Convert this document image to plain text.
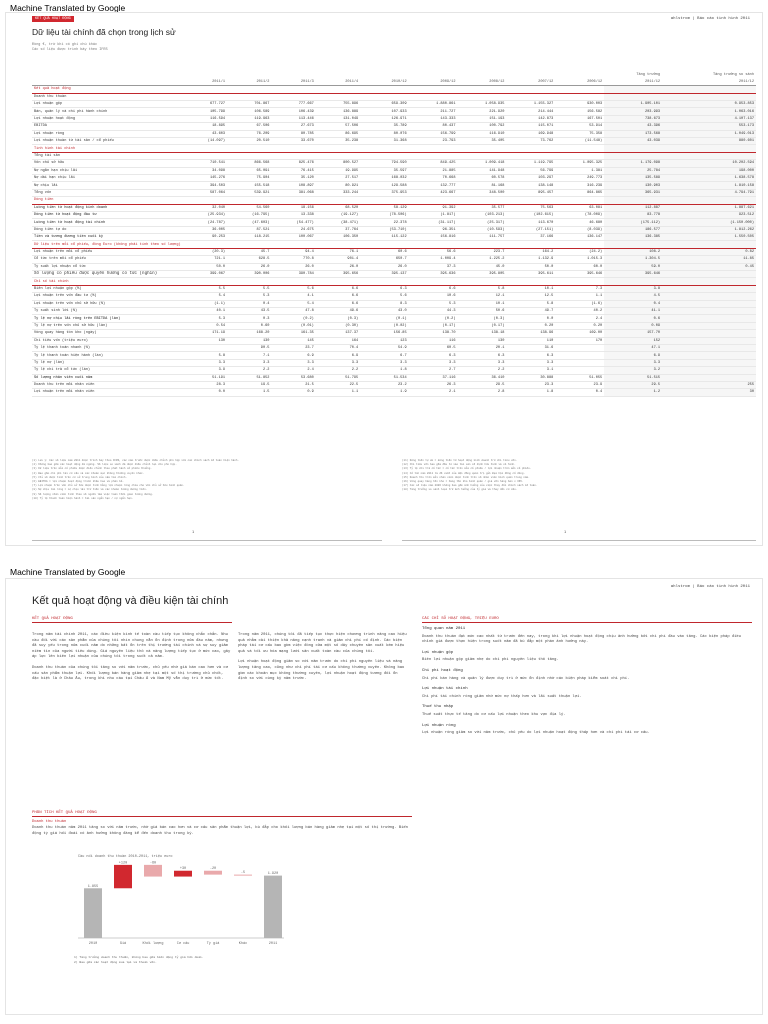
Machine Translated by Google
KẾT QUẢ HOẠT ĐỘNG	ahlstrom | Báo cáo tình hình 2011
Dữ liệu tài chính đã chọn trong lịch sử
Đồng €, trừ khi có ghi chú khác
Các số liệu được trình bày theo IFRS
											Tăng trưởng	Tăng trưởng so sánh
	2011/1	2011/2	2011/3	2011/4		2010/12	2009/12	2008/12	2007/12	2006/12	2011/12	2011/12
Kết quả hoạt động												
Doanh thu thuần												
Lợi nhuận gộp	677.727	701.867	777.667	755.896		659.309	1.880.861	1.058.935	1.155.327	930.003	1.905.101	0.953.853
Bán, quản lý và chi phí hành chính	105.799	106.589	106.439	136.889		107.933	211.727	221.920	214.444	156.582	203.993	1.063.016
Lợi nhuận hoạt động	116.594	119.963	113.446	131.049		126.971	143.333	151.193	142.873	167.501	738.673	4.107.137
EBITDA	18.895	67.506	27.673	57.506		35.789	80.437	100.792	115.071	53.914	43.396	553.173
Lợi nhuận ròng	43.603	76.209	80.785	86.695		80.076	156.799	116.910	169.948	75.358	173.568	1.049.013
Lợi nhuận thuần từ tài sản / cổ phiếu	(14.097)	20.510	33.670	35.238		31.368	23.793	35.405	73.762	(11.548)	43.039	880.601
Tình hình tài chính												
Tổng tài sản												
Vốn chủ sở hữu	710.541	866.568	825.476	800.527		794.590	849.425	1.009.418	1.119.795	1.095.325	1.179.098	10.202.594
Nợ ngắn hạn chịu lãi	34.098	65.091	76.415	19.995		35.597	21.885	141.948	56.799	1.381	25.784	198.000
Nợ dài hạn chịu lãi	145.276	75.904	35.120	27.517		168.032	70.668	60.578	103.297	249.773	135.589	1.638.578
Nợ chịu lãi	394.503	155.518	108.897	80.921		129.588	132.777	81.168	138.148	316.239	130.903	1.810.158
Tổng vốn	587.064	539.921	381.068	333.244		375.953	423.667	348.500	895.457	864.865	365.931	4.794.791
Dòng tiền												
Luồng tiền từ hoạt động kinh doanh	32.040	54.560	18.156	68.520		58.129	91.392	35.577	75.563	63.081	112.887	1.887.621
Dòng tiền từ hoạt động đầu tư	(25.934)	(16.795)	13.338	(19.127)		(78.506)	(1.817)	(103.213)	(102.615)	(78.009)	83.778	923.512
Luồng tiền từ hoạt động tài chính	(24.787)	(47.603)	(54.477)	(38.471)		22.378	(31.117)	(25.317)	113.670	46.680	(175.112)	(1.150.000)
Dòng tiền tự do	36.005	87.521	24.675	37.764		(53.710)	96.351	(10.593)	(27.151)	(8.039)	186.577	1.812.262
Tiền và tương đương tiền cuối kỳ	90.253	118.215	100.067	106.350		115.122	156.816	111.757	37.166	136.147	136.385	1.550.505
Dữ liệu trên mỗi cổ phiếu, đồng Euro (không phải tính theo số lượng)												
Lợi nhuận trên mỗi cổ phiếu	(20.3)	45.7	94.4	76.1		60.6	56.6	223.7	164.2	(24.2)	108.2	0.82
Cổ tức trên mỗi cổ phiếu	721.1	628.5	770.8	901.4		650.7	1.009.4	1.225.2	1.132.9	1.015.3	1.304.5	11.85
Tỷ suất lợi nhuận cổ tức	50.0	26.0	26.0	26.0		26.0	37.3	45.0	50.0	60.0	59.0	0.45
Số lượng cổ phiếu được quyền hưởng cổ tức (nghìn)	399.067	390.006	390.784	395.656		395.137	395.636	395.805	395.611	395.646	395.646	
Chỉ số tài chính												
Biên lợi nhuận gộp (%)	5.5	5.5	5.6	6.6		6.3	6.6	5.8	10.1	7.3	3.8	
Lợi nhuận trên vốn đầu tư (%)	5.4	5.3	4.1	6.6		5.6	10.6	12.1	12.5	1.1	4.5	
Lợi nhuận trên vốn chủ sở hữu (%)	(1.1)	0.4	5.4	6.6		8.3	5.3	10.1	5.8	(1.6)	0.4	
Tỷ suất sinh lời (%)	40.1	43.5	47.8	49.6		43.0	44.3	50.6	49.7	40.2	41.1	
Tỷ lệ nợ chịu lãi ròng trên EBITDA (lần)	5.3	0.3	(0.2)	(0.3)		(0.1)	(0.2)	(0.3)	0.0	2.4	0.6	
Tỷ lệ nợ trên vốn chủ sở hữu (lần)	0.54	0.60	(0.01)	(0.30)		(0.02)	(0.17)	(0.17)	0.20	0.20	0.09	
Vòng quay hàng tồn kho (ngày)	171.19	168.20	161.35	137.37		156.85	138.70	138.18	138.96	169.00	157.70	
Chi tiêu vốn (triệu euro)	130	130	145	164		123	116	130	110	170	152	
Tỷ lệ thanh toán nhanh (%)		90.5	23.7	70.4		54.9	60.5	20.1	31.6		47.1	
Tỷ lệ thanh toán hiện hành (lần)	5.8	7.1	6.9	6.9		6.7	6.3	6.3	6.3		6.9	
Tỷ lệ nợ (lần)	3.3	3.3	3.3	3.3		3.3	3.3	3.3	3.3		3.3	
Tỷ lệ chi trả cổ tức (lần)	3.9	2.2	2.4	2.2		1.8	2.7	2.2	3.1		3.2	
Số lượng nhân viên cuối năm	51.191	51.852	53.680	51.795		51.534	37.116	36.410	30.888	51.055	51.515	
Doanh thu trên mỗi nhân viên	28.3	19.5	21.5	22.5		23.2	26.3	29.5	23.3	23.9	29.5	255
Lợi nhuận trên mỗi nhân viên	0.0	1.5	0.9	1.1		1.9	2.1	2.8	1.8	0.4	1.2	30
(1) Lưu ý: Các số liệu năm 2011 được trình bày theo IFRS, các năm trước được điều chỉnh phù hợp với các chính sách kế toán hiện hành.
(2) Không bao gồm các hoạt động đã ngừng. Số liệu so sánh đã được điều chỉnh lại cho phù hợp.
(3) Dữ liệu trên mỗi cổ phiếu được điều chỉnh theo phát hành cổ phiếu thưởng.
(4) Bao gồm chi phí tái cơ cấu và các khoản mục không thường xuyên khác.
(5) Chỉ số được tính trên cơ sở trung bình của năm tài chính.
(6) EBITDA = lợi nhuận hoạt động trước khấu hao và phân bổ.
(7) Lợi nhuận trên vốn chủ sở hữu được tính bằng lợi nhuận ròng chia cho vốn chủ sở hữu bình quân.
(8) Nợ chịu lãi ròng = nợ chịu lãi trừ tiền và các khoản tương đương tiền.
(9) Số lượng nhân viên tính theo số người làm việc toàn thời gian tương đương.
(10) Tỷ lệ thanh toán hiện hành = tài sản ngắn hạn / nợ ngắn hạn.
(11) Dòng tiền tự do = dòng tiền từ hoạt động kinh doanh trừ chi tiêu vốn.
(12) Chi tiêu vốn bao gồm đầu tư vào tài sản cố định hữu hình và vô hình.
(13) Tỷ lệ chi trả cổ tức = cổ tức trên mỗi cổ phiếu / lợi nhuận trên mỗi cổ phiếu.
(14) Cổ tức năm 2011 là đề xuất của Hội đồng quản trị gửi Đại hội đồng cổ đông.
(15) Doanh thu trên mỗi nhân viên được tính trên số nhân viên bình quân trong năm.
(16) Vòng quay hàng tồn kho = hàng tồn kho bình quân / giá vốn hàng bán x 365.
(17) Các số liệu năm 2006 không bao gồm ảnh hưởng của việc thay đổi chính sách kế toán.
(18) Tăng trưởng so sánh loại trừ ảnh hưởng của tỷ giá và thay đổi cơ cấu.
1	1
Machine Translated by Google
ahlstrom | Báo cáo tình hình 2011
Kết quả hoạt động và điều kiện tài chính
KẾT QUẢ HOẠT ĐỘNG

Trong năm tài chính 2011, các điều kiện kinh tế toàn cầu tiếp tục không chắc chắn. Nhu cầu đối với các sản phẩm của chúng tôi nhìn chung vẫn ổn định trong nửa đầu năm, nhưng đã suy yếu trong nửa cuối năm do những bất ổn trên thị trường tài chính và sự suy giảm niềm tin của người tiêu dùng. Giá nguyên liệu thô và năng lượng tiếp tục ở mức cao, gây áp lực lên biên lợi nhuận của chúng tôi trong suốt cả năm.

Doanh thu thuần của chúng tôi tăng so với năm trước, chủ yếu nhờ giá bán cao hơn và cơ cấu sản phẩm thuận lợi. Khối lượng bán hàng giảm nhẹ tại một số thị trường chủ chốt, đặc biệt là ở Châu Âu, trong khi nhu cầu tại Châu Á và Nam Mỹ vẫn duy trì ở mức tốt.

Trong năm 2011, chúng tôi đã tiếp tục thực hiện chương trình nâng cao hiệu quả nhằm cải thiện khả năng cạnh tranh và giảm chi phí cố định. Các biện pháp tái cơ cấu bao gồm việc đóng cửa một số dây chuyền sản xuất kém hiệu quả và tối ưu hóa mạng lưới sản xuất toàn cầu của chúng tôi.

Lợi nhuận hoạt động giảm so với năm trước do chi phí nguyên liệu và năng lượng tăng cao, cũng như chi phí tái cơ cấu không thường xuyên. Không bao gồm các khoản mục không thường xuyên, lợi nhuận hoạt động tương đối ổn định so với cùng kỳ năm trước.

CÁC CHỈ SỐ HOẠT ĐỘNG, TRIỆU EURO
Tổng quan năm 2011

Doanh thu thuần đạt mức cao nhất từ trước đến nay, trong khi lợi nhuận hoạt động chịu ảnh hưởng bởi chi phí đầu vào tăng. Các biện pháp điều chỉnh giá được thực hiện trong suốt năm đã bù đắp một phần ảnh hưởng này.

Lợi nhuận gộp

Biên lợi nhuận gộp giảm nhẹ do chi phí nguyên liệu thô tăng.

Chi phí hoạt động

Chi phí bán hàng và quản lý được duy trì ở mức ổn định nhờ các biện pháp kiểm soát chi phí.

Lợi nhuận tài chính

Chi phí tài chính ròng giảm nhờ mức nợ thấp hơn và lãi suất thuận lợi.

Thuế thu nhập

Thuế suất thực tế tăng do cơ cấu lợi nhuận theo khu vực địa lý.

Lợi nhuận ròng

Lợi nhuận ròng giảm so với năm trước, chủ yếu do lợi nhuận hoạt động thấp hơn và chi phí tái cơ cấu.

PHÂN TÍCH KẾT QUẢ HOẠT ĐỘNG
Doanh thu thuần
Doanh thu thuần năm 2011 tăng so với năm trước, nhờ giá bán cao hơn và cơ cấu sản phẩm thuận lợi, bù đắp cho khối lượng bán hàng giảm nhẹ tại một số thị trường. Biến động tỷ giá hối đoái có ảnh hưởng không đáng kể đến doanh thu trong kỳ.
Cầu nối doanh thu thuần 2010–2011, triệu euro
1.855
2010
+120
Giá
-60
Khối lượng
+30
Cơ cấu
-20
Tỷ giá
-5
Khác
1.920
2011
1) Tăng trưởng doanh thu thuần, không bao gồm biến động tỷ giá hối đoái.
2) Bao gồm các hoạt động mua lại và thoái vốn.
